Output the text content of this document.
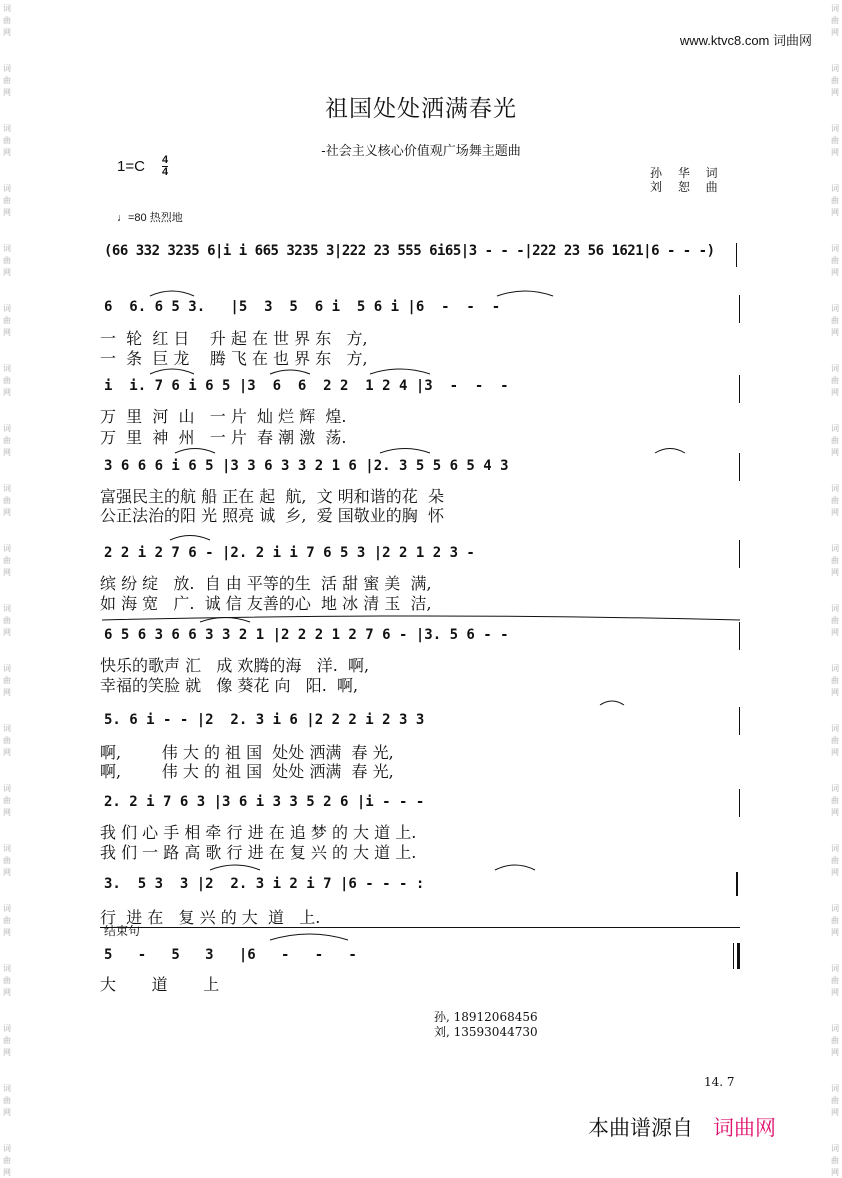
词
曲
网
词
曲
网
词
曲
网
词
曲
网
词
曲
网
词
曲
网
词
曲
网
词
曲
网
词
曲
网
词
曲
网
词
曲
网
词
曲
网
词
曲
网
词
曲
网
词
曲
网
词
曲
网
词
曲
网
词
曲
网
词
曲
网
词
曲
网
词
曲
网
词
曲
网
词
曲
网
词
曲
网
词
曲
网
词
曲
网
词
曲
网
词
曲
网
词
曲
网
词
曲
网
词
曲
网
词
曲
网
词
曲
网
词
曲
网
词
曲
网
词
曲
网
词
曲
网
词
曲
网
词
曲
网
词
曲
网
www.ktvc8.com 词曲网
祖国处处洒满春光
-社会主义核心价值观广场舞主题曲
1=C 4
4	孙 华 词
刘 恕 曲
♩=80 热烈地
(66 332 3235 6|i i 665 3235 3|222 23 555 6i65|3 - - -|222 23 56 1621|6 - - -)
6  6. 6 5 3.   |5  3  5  6 i  5 6 i |6  -  -  -
一  轮  红 日    升 起 在 世 界 东   方,
一  条  巨 龙    腾 飞 在 也 界 东   方,
i  i. 7 6 i 6 5 |3  6  6  2 2  1 2 4 |3  -  -  -
万  里  河  山   一 片  灿 烂 辉  煌.
万  里  神  州   一 片  春 潮 激  荡.
3 6 6 6 i 6 5 |3 3 6 3 3 2 1 6 |2. 3 5 5 6 5 4 3
富强民主的航 船 正在 起  航,  文 明和谐的花  朵
公正法治的阳 光 照亮 诚  乡,  爱 国敬业的胸  怀
2 2 i 2 7 6 - |2. 2 i i 7 6 5 3 |2 2 1 2 3 -
缤 纷 绽   放.  自 由 平等的生  活 甜 蜜 美  满,
如 海 宽   广.  诚 信 友善的心  地 冰 清 玉  洁,
6 5 6 3 6 6 3 3 2 1 |2 2 2 1 2 7 6 - |3. 5 6 - -
快乐的歌声 汇   成 欢腾的海   洋.  啊,
幸福的笑脸 就   像 葵花 向   阳.  啊,
5. 6 i - - |2  2. 3 i 6 |2 2 2 i 2 3 3
啊,        伟 大 的 祖 国  处处 洒满  春 光,
啊,        伟 大 的 祖 国  处处 洒满  春 光,
2. 2 i 7 6 3 |3 6 i 3 3 5 2 6 |i - - -
我 们 心 手 相 牵 行 进 在 追 梦 的 大 道 上.
我 们 一 路 高 歌 行 进 在 复 兴 的 大 道 上.
3.  5 3  3 |2  2. 3 i 2 i 7 |6 - - - :
行  进 在   复 兴 的 大  道   上.
结束句
5   -   5   3   |6   -   -   -
大       道       上
孙, 18912068456
刘, 13593044730
14. 7
本曲谱源自 词曲网
